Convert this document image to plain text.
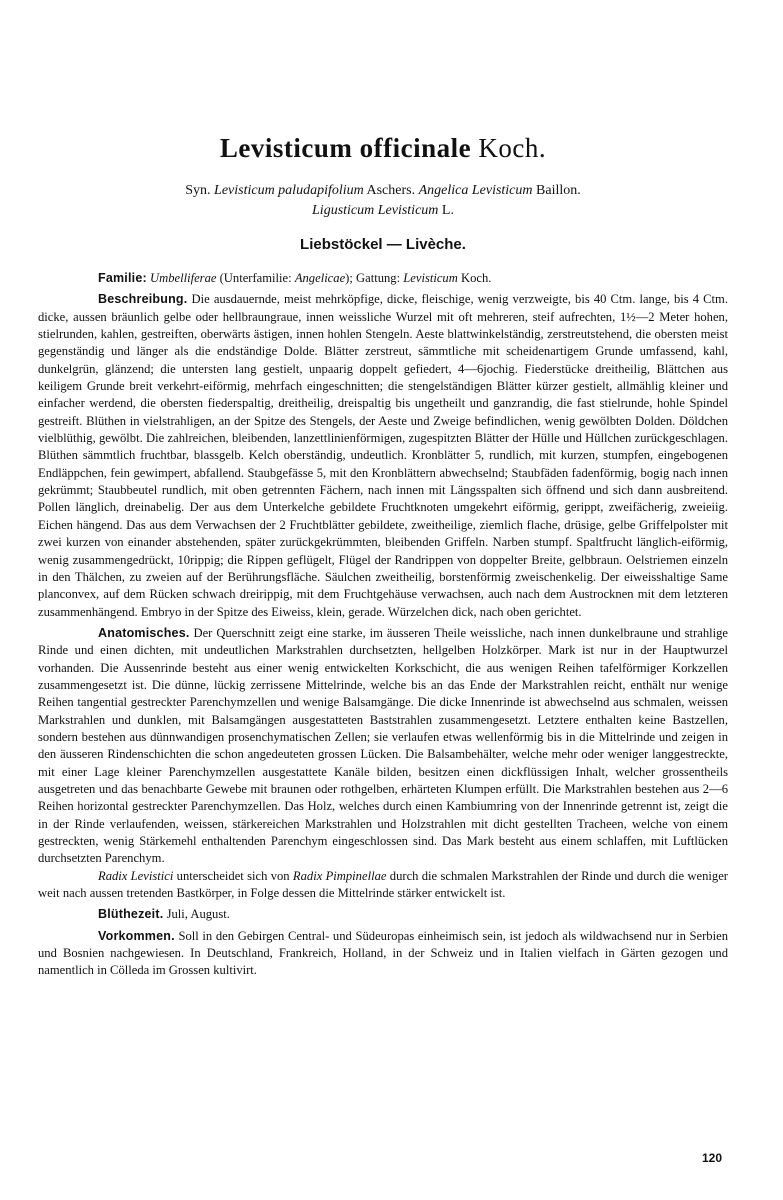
Levisticum officinale Koch.
Syn. Levisticum paludapifolium Aschers. Angelica Levisticum Baillon.
Ligusticum Levisticum L.
Liebstöckel — Livèche.

Familie: Umbelliferae (Unterfamilie: Angelicae); Gattung: Levisticum Koch.

Beschreibung. Die ausdauernde, meist mehrköpfige, dicke, fleischige, wenig verzweigte, bis 40 Ctm. lange, bis 4 Ctm. dicke, aussen bräunlich gelbe oder hellbraungraue, innen weissliche Wurzel mit oft mehreren, steif aufrechten, 1½—2 Meter hohen, stielrunden, kahlen, gestreiften, oberwärts ästigen, innen hohlen Stengeln. Aeste blattwinkelständig, zerstreutstehend, die obersten meist gegenständig und länger als die endständige Dolde. Blätter zerstreut, sämmtliche mit scheidenartigem Grunde umfassend, kahl, dunkelgrün, glänzend; die untersten lang gestielt, unpaarig doppelt gefiedert, 4—6jochig. Fiederstücke dreitheilig, Blättchen aus keiligem Grunde breit verkehrt-eiförmig, mehrfach eingeschnitten; die stengelständigen Blätter kürzer gestielt, allmählig kleiner und einfacher werdend, die obersten fiederspaltig, dreitheilig, dreispaltig bis ungetheilt und ganzrandig, die fast stielrunde, hohle Spindel gestreift. Blüthen in vielstrahligen, an der Spitze des Stengels, der Aeste und Zweige befindlichen, wenig gewölbten Dolden. Döldchen vielblüthig, gewölbt. Die zahlreichen, bleibenden, lanzettlinienförmigen, zugespitzten Blätter der Hülle und Hüllchen zurückgeschlagen. Blüthen sämmtlich fruchtbar, blassgelb. Kelch oberständig, undeutlich. Kronblätter 5, rundlich, mit kurzen, stumpfen, eingebogenen Endläppchen, fein gewimpert, abfallend. Staubgefässe 5, mit den Kronblättern abwechselnd; Staubfäden fadenförmig, bogig nach innen gekrümmt; Staubbeutel rundlich, mit oben getrennten Fächern, nach innen mit Längsspalten sich öffnend und sich dann ausbreitend. Pollen länglich, dreinabelig. Der aus dem Unterkelche gebildete Fruchtknoten umgekehrt eiförmig, gerippt, zweifächerig, zweieiig. Eichen hängend. Das aus dem Verwachsen der 2 Fruchtblätter gebildete, zweitheilige, ziemlich flache, drüsige, gelbe Griffelpolster mit zwei kurzen von einander abstehenden, später zurückgekrümmten, bleibenden Griffeln. Narben stumpf. Spaltfrucht länglich-eiförmig, wenig zusammengedrückt, 10rippig; die Rippen geflügelt, Flügel der Randrippen von doppelter Breite, gelbbraun. Oelstriemen einzeln in den Thälchen, zu zweien auf der Berührungsfläche. Säulchen zweitheilig, borstenförmig zweischenkelig. Der eiweisshaltige Same planconvex, auf dem Rücken schwach dreirippig, mit dem Fruchtgehäuse verwachsen, auch nach dem Austrocknen mit dem letzteren zusammenhängend. Embryo in der Spitze des Eiweiss, klein, gerade. Würzelchen dick, nach oben gerichtet.

Anatomisches. Der Querschnitt zeigt eine starke, im äusseren Theile weissliche, nach innen dunkelbraune und strahlige Rinde und einen dichten, mit undeutlichen Markstrahlen durchsetzten, hellgelben Holzkörper. Mark ist nur in der Hauptwurzel vorhanden. Die Aussenrinde besteht aus einer wenig entwickelten Korkschicht, die aus wenigen Reihen tafelförmiger Korkzellen zusammengesetzt ist. Die dünne, lückig zerrissene Mittelrinde, welche bis an das Ende der Markstrahlen reicht, enthält nur wenige Reihen tangential gestreckter Parenchymzellen und wenige Balsamgänge. Die dicke Innenrinde ist abwechselnd aus schmalen, weissen Markstrahlen und dunklen, mit Balsamgängen ausgestatteten Baststrahlen zusammengesetzt. Letztere enthalten keine Bastzellen, sondern bestehen aus dünnwandigen prosenchymatischen Zellen; sie verlaufen etwas wellenförmig bis in die Mittelrinde und zeigen in den äusseren Rindenschichten die schon angedeuteten grossen Lücken. Die Balsambehälter, welche mehr oder weniger langgestreckte, mit einer Lage kleiner Parenchymzellen ausgestattete Kanäle bilden, besitzen einen dickflüssigen Inhalt, welcher grossentheils ausgetreten und das benachbarte Gewebe mit braunen oder rothgelben, erhärteten Klumpen erfüllt. Die Markstrahlen bestehen aus 2—6 Reihen horizontal gestreckter Parenchymzellen. Das Holz, welches durch einen Kambiumring von der Innenrinde getrennt ist, zeigt die in der Rinde verlaufenden, weissen, stärkereichen Markstrahlen und Holzstrahlen mit dicht gestellten Tracheen, welche von einem gestreckten, wenig Stärkemehl enthaltenden Parenchym eingeschlossen sind. Das Mark besteht aus einem schlaffen, mit Luftlücken durchsetzten Parenchym.

Radix Levistici unterscheidet sich von Radix Pimpinellae durch die schmalen Markstrahlen der Rinde und durch die weniger weit nach aussen tretenden Bastkörper, in Folge dessen die Mittelrinde stärker entwickelt ist.

Blüthezeit. Juli, August.

Vorkommen. Soll in den Gebirgen Central- und Südeuropas einheimisch sein, ist jedoch als wildwachsend nur in Serbien und Bosnien nachgewiesen. In Deutschland, Frankreich, Holland, in der Schweiz und in Italien vielfach in Gärten gezogen und namentlich in Cölleda im Grossen kultivirt.

120
